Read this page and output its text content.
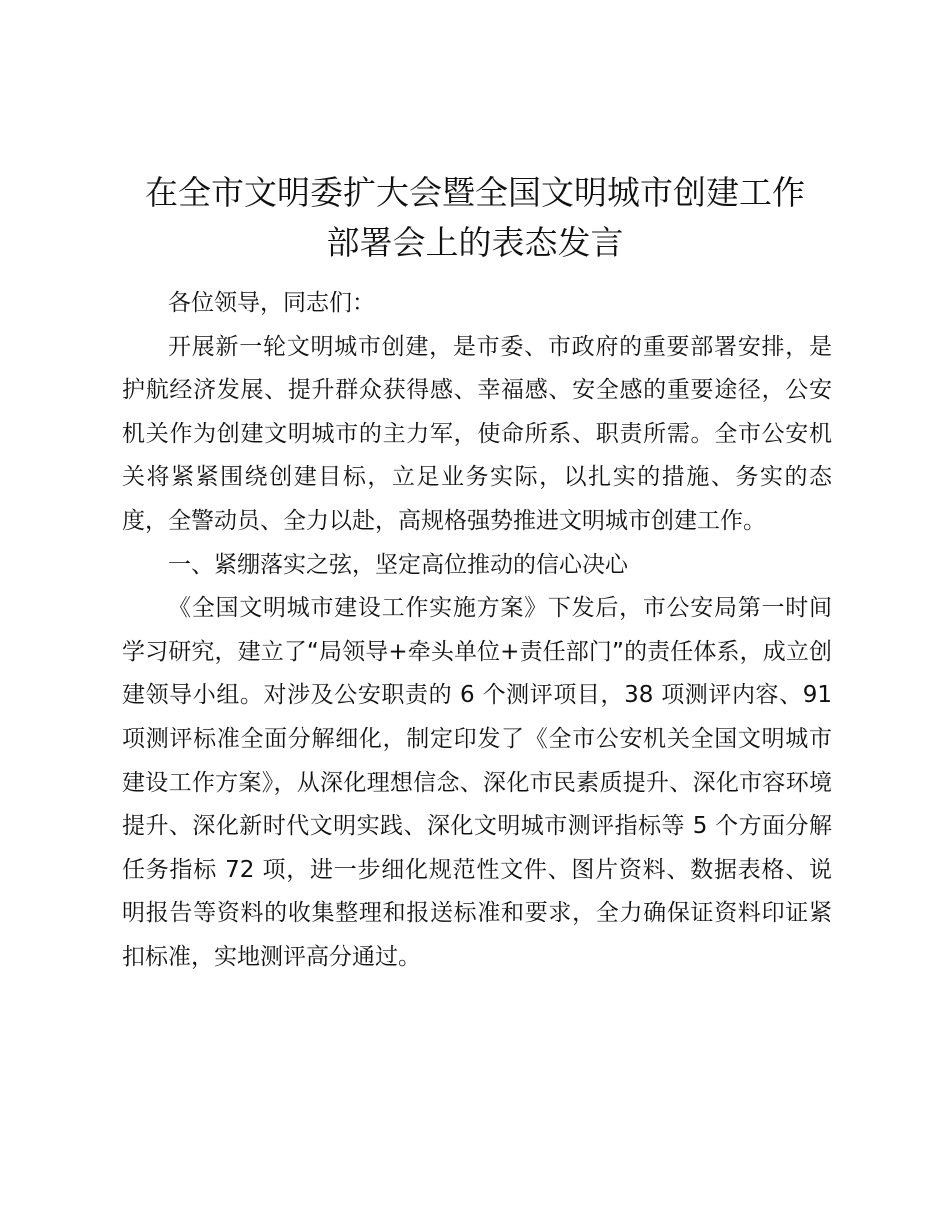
在全市文明委扩大会暨全国文明城市创建工作
部署会上的表态发言

各位领导，同志们：

开展新一轮文明城市创建，是市委、市政府的重要部署安排，是护航经济发展、提升群众获得感、幸福感、安全感的重要途径，公安机关作为创建文明城市的主力军，使命所系、职责所需。全市公安机关将紧紧围绕创建目标，立足业务实际，以扎实的措施、务实的态度，全警动员、全力以赴，高规格强势推进文明城市创建工作。

一、紧绷落实之弦，坚定高位推动的信心决心

《全国文明城市建设工作实施方案》下发后，市公安局第一时间学习研究，建立了“局领导+牵头单位+责任部门”的责任体系，成立创建领导小组。对涉及公安职责的 6 个测评项目，38 项测评内容、91 项测评标准全面分解细化，制定印发了《全市公安机关全国文明城市建设工作方案》，从深化理想信念、深化市民素质提升、深化市容环境提升、深化新时代文明实践、深化文明城市测评指标等 5 个方面分解任务指标 72 项，进一步细化规范性文件、图片资料、数据表格、说明报告等资料的收集整理和报送标准和要求，全力确保证资料印证紧扣标准，实地测评高分通过。
